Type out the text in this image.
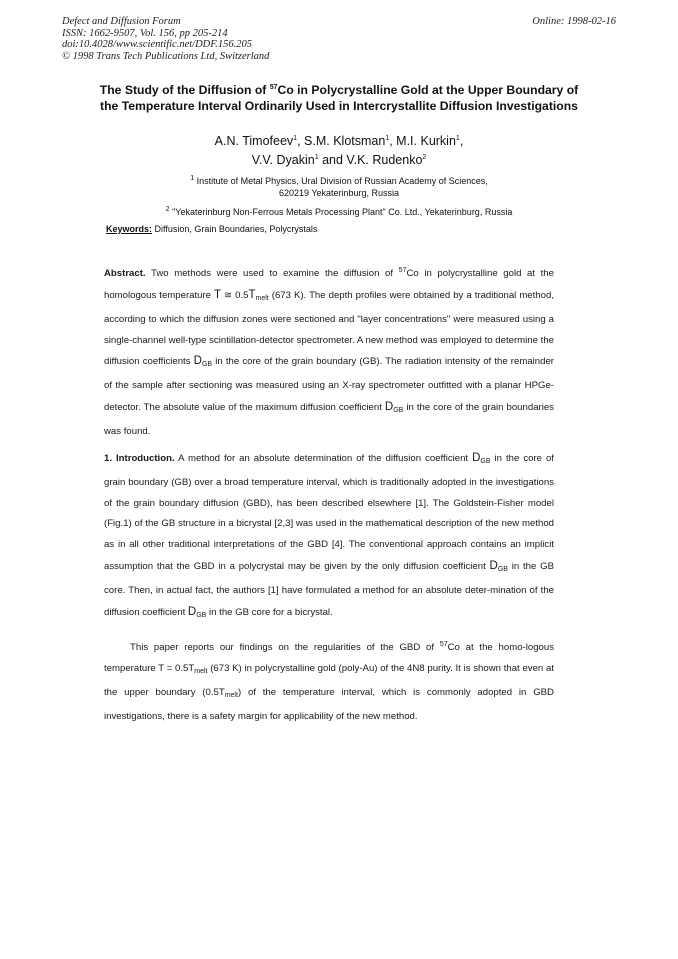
Defect and Diffusion Forum
ISSN: 1662-9507, Vol. 156, pp 205-214
doi:10.4028/www.scientific.net/DDF.156.205
© 1998 Trans Tech Publications Ltd, Switzerland
Online: 1998-02-16
The Study of the Diffusion of $^{57}$Co in Polycrystalline Gold at the Upper Boundary of the Temperature Interval Ordinarily Used in Intercrystallite Diffusion Investigations
A.N. Timofeev$^1$, S.M. Klotsman$^1$, M.I. Kurkin$^1$,
V.V. Dyakin$^1$ and V.K. Rudenko$^2$
$^1$ Institute of Metal Physics, Ural Division of Russian Academy of Sciences,
620219 Yekaterinburg, Russia
$^2$ "Yekaterinburg Non-Ferrous Metals Processing Plant" Co. Ltd., Yekaterinburg, Russia
Keywords: Diffusion, Grain Boundaries, Polycrystals

Abstract. Two methods were used to examine the diffusion of $^{57}$Co in polycrystalline gold at the homologous temperature T ≅ $0.5T_{melt}$ (673 K). The depth profiles were obtained by a traditional method, according to which the diffusion zones were sectioned and "layer concentrations" were measured using a single-channel well-type scintillation-detector spectrometer. A new method was employed to determine the diffusion coefficients $D_{GB}$ in the core of the grain boundary (GB). The radiation intensity of the remainder of the sample after sectioning was measured using an X-ray spectrometer outfitted with a planar HPGe-detector. The absolute value of the maximum diffusion coefficient $D_{GB}$ in the core of the grain boundaries was found.

1. Introduction. A method for an absolute determination of the diffusion coefficient $D_{GB}$ in the core of grain boundary (GB) over a broad temperature interval, which is traditionally adopted in the investigations of the grain boundary diffusion (GBD), has been described elsewhere [1]. The Goldstein-Fisher model (Fig.1) of the GB structure in a bicrystal [2,3] was used in the mathematical description of the new method as in all other traditional interpretations of the GBD [4]. The conventional approach contains an implicit assumption that the GBD in a polycrystal may be given by the only diffusion coefficient $D_{GB}$ in the GB core. Then, in actual fact, the authors [1] have formulated a method for an absolute deter-mination of the diffusion coefficient $D_{GB}$ in the GB core for a bicrystal.

This paper reports our findings on the regularities of the GBD of $^{57}$Co at the homo-logous temperature $T = 0.5T_{melt}$ (673 K) in polycrystalline gold (poly-Au) of the 4N8 purity. It is shown that even at the upper boundary $(0.5T_{melt})$ of the temperature interval, which is commonly adopted in GBD investigations, there is a safety margin for applicability of the new method.
